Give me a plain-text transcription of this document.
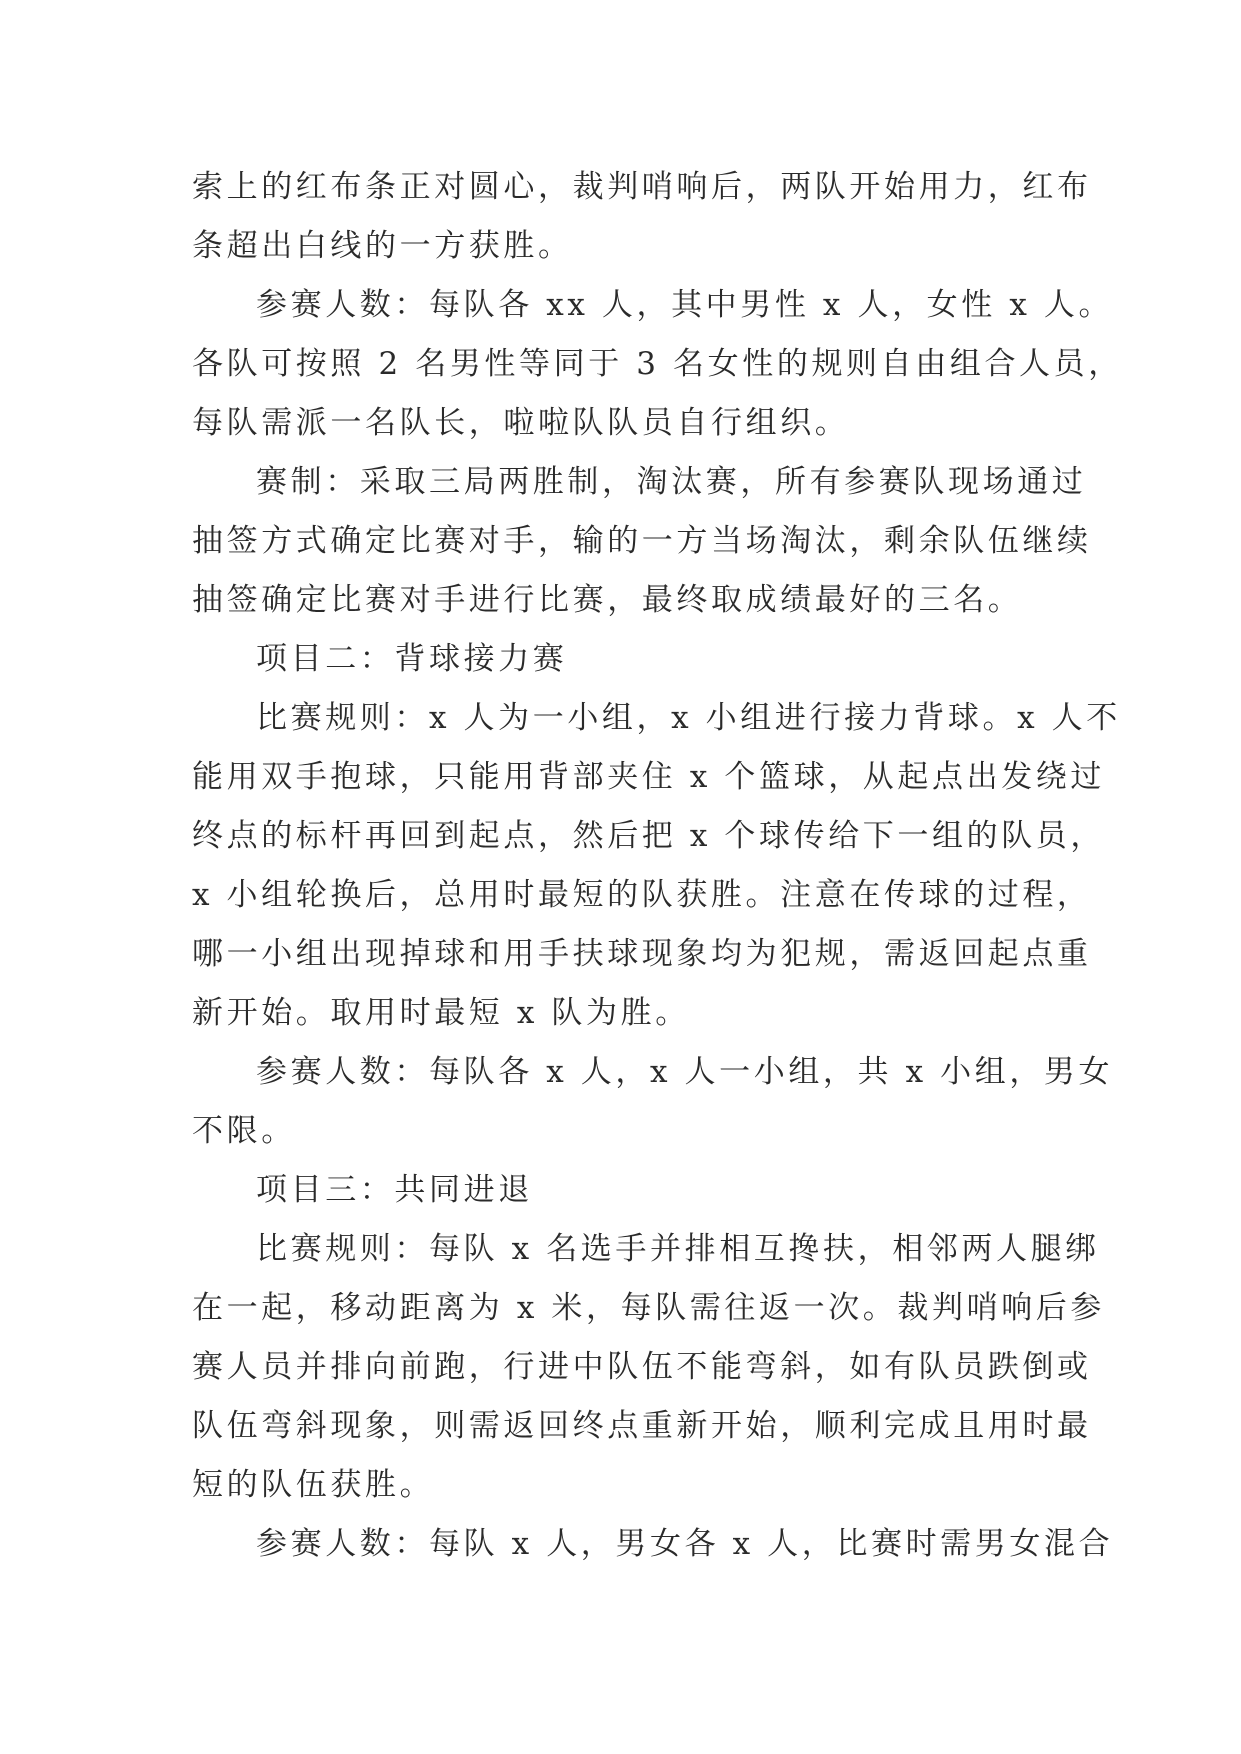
索上的红布条正对圆心，裁判哨响后，两队开始用力，红布
条超出白线的一方获胜。
参赛人数：每队各 xx 人，其中男性 x 人，女性 x 人。
各队可按照 2 名男性等同于 3 名女性的规则自由组合人员，
每队需派一名队长，啦啦队队员自行组织。
赛制：采取三局两胜制，淘汰赛，所有参赛队现场通过
抽签方式确定比赛对手，输的一方当场淘汰，剩余队伍继续
抽签确定比赛对手进行比赛，最终取成绩最好的三名。
项目二：背球接力赛
比赛规则：x 人为一小组，x 小组进行接力背球。x 人不
能用双手抱球，只能用背部夹住 x 个篮球，从起点出发绕过
终点的标杆再回到起点，然后把 x 个球传给下一组的队员，
x 小组轮换后，总用时最短的队获胜。注意在传球的过程，
哪一小组出现掉球和用手扶球现象均为犯规，需返回起点重
新开始。取用时最短 x 队为胜。
参赛人数：每队各 x 人，x 人一小组，共 x 小组，男女
不限。
项目三：共同进退
比赛规则：每队 x 名选手并排相互搀扶，相邻两人腿绑
在一起，移动距离为 x 米，每队需往返一次。裁判哨响后参
赛人员并排向前跑，行进中队伍不能弯斜，如有队员跌倒或
队伍弯斜现象，则需返回终点重新开始，顺利完成且用时最
短的队伍获胜。
参赛人数：每队 x 人，男女各 x 人，比赛时需男女混合
